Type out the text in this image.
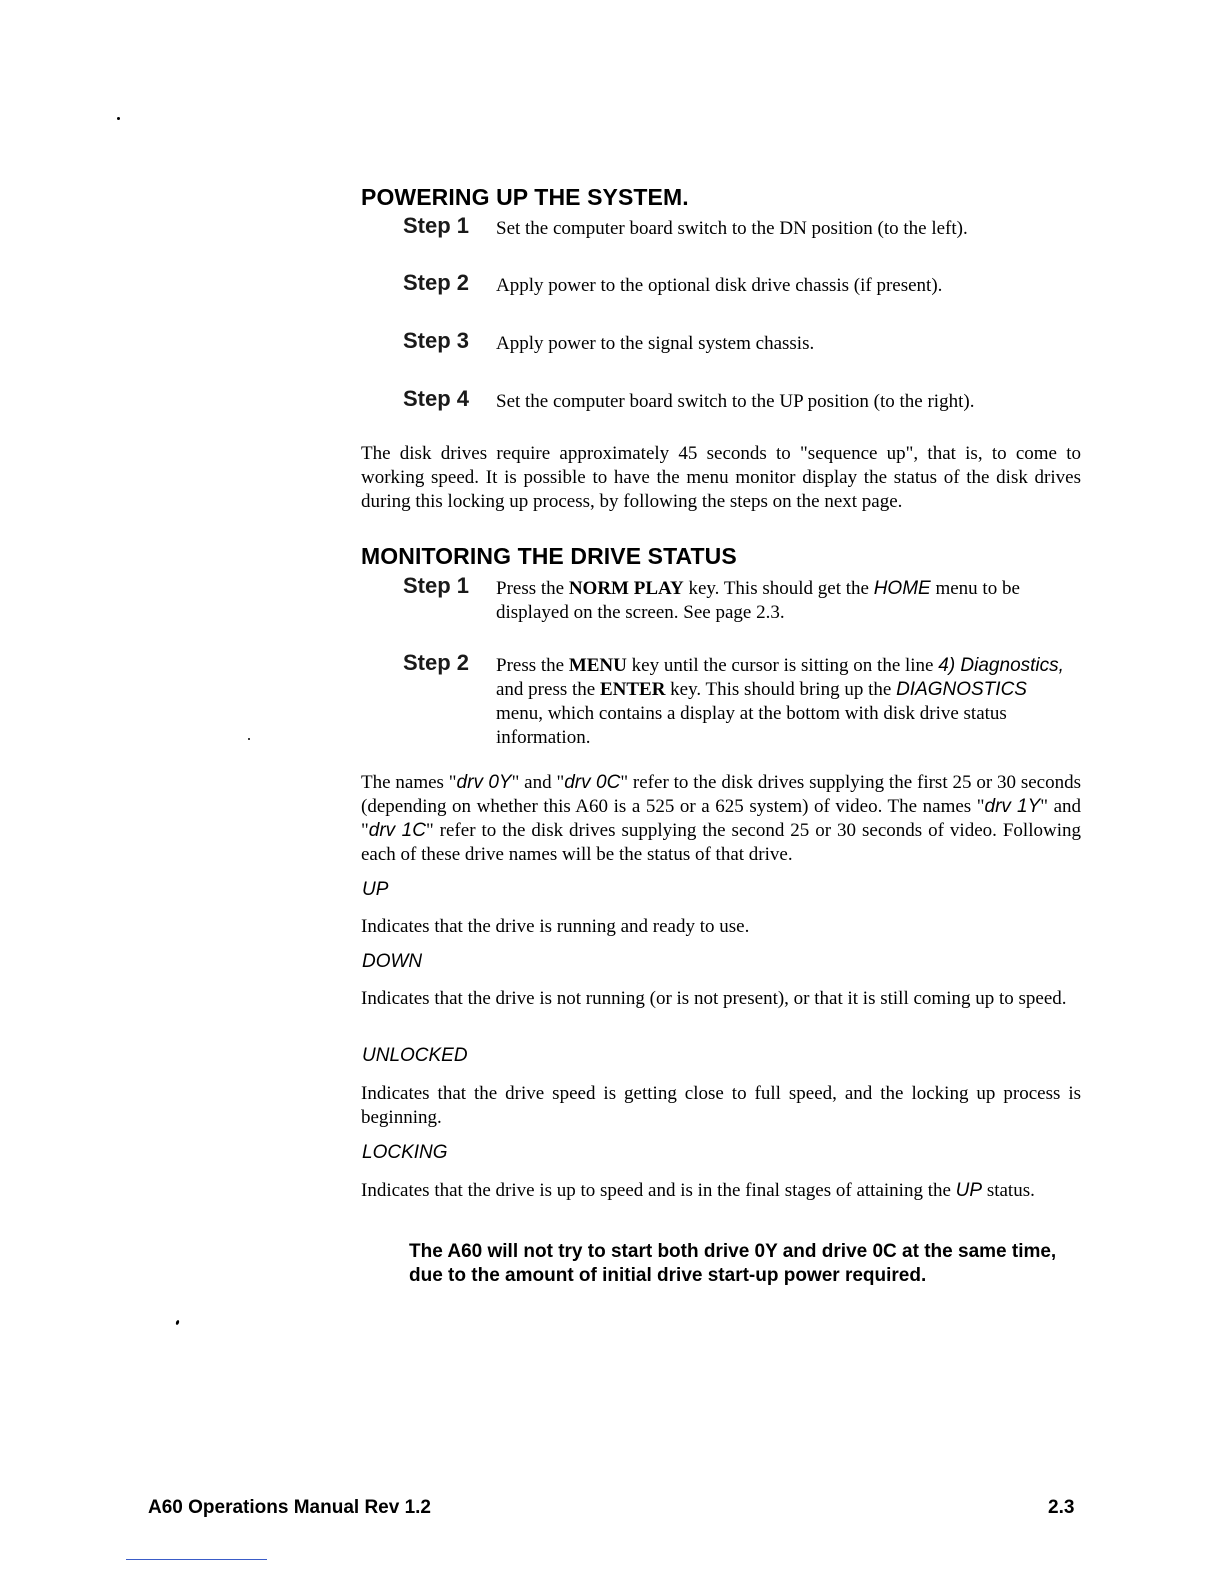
POWERING UP THE SYSTEM.
Step 1 Set the computer board switch to the DN position (to the left).
Step 2 Apply power to the optional disk drive chassis (if present).
Step 3 Apply power to the signal system chassis.
Step 4 Set the computer board switch to the UP position (to the right).

The disk drives require approximately 45 seconds to "sequence up", that is, to come to working speed. It is possible to have the menu monitor display the status of the disk drives during this locking up process, by following the steps on the next page.

MONITORING THE DRIVE STATUS
Step 1 Press the NORM PLAY key. This should get the HOME menu to be displayed on the screen. See page 2.3.
Step 2 Press the MENU key until the cursor is sitting on the line 4) Diagnostics, and press the ENTER key. This should bring up the DIAGNOSTICS menu, which contains a display at the bottom with disk drive status information.

The names "drv 0Y" and "drv 0C" refer to the disk drives supplying the first 25 or 30 seconds (depending on whether this A60 is a 525 or a 625 system) of video. The names "drv 1Y" and "drv 1C" refer to the disk drives supplying the second 25 or 30 seconds of video. Following each of these drive names will be the status of that drive.

UP

Indicates that the drive is running and ready to use.

DOWN

Indicates that the drive is not running (or is not present), or that it is still coming up to speed.

UNLOCKED

Indicates that the drive speed is getting close to full speed, and the locking up process is beginning.

LOCKING

Indicates that the drive is up to speed and is in the final stages of attaining the UP status.

The A60 will not try to start both drive 0Y and drive 0C at the same time, due to the amount of initial drive start-up power required.

A60 Operations Manual Rev 1.2	2.3
